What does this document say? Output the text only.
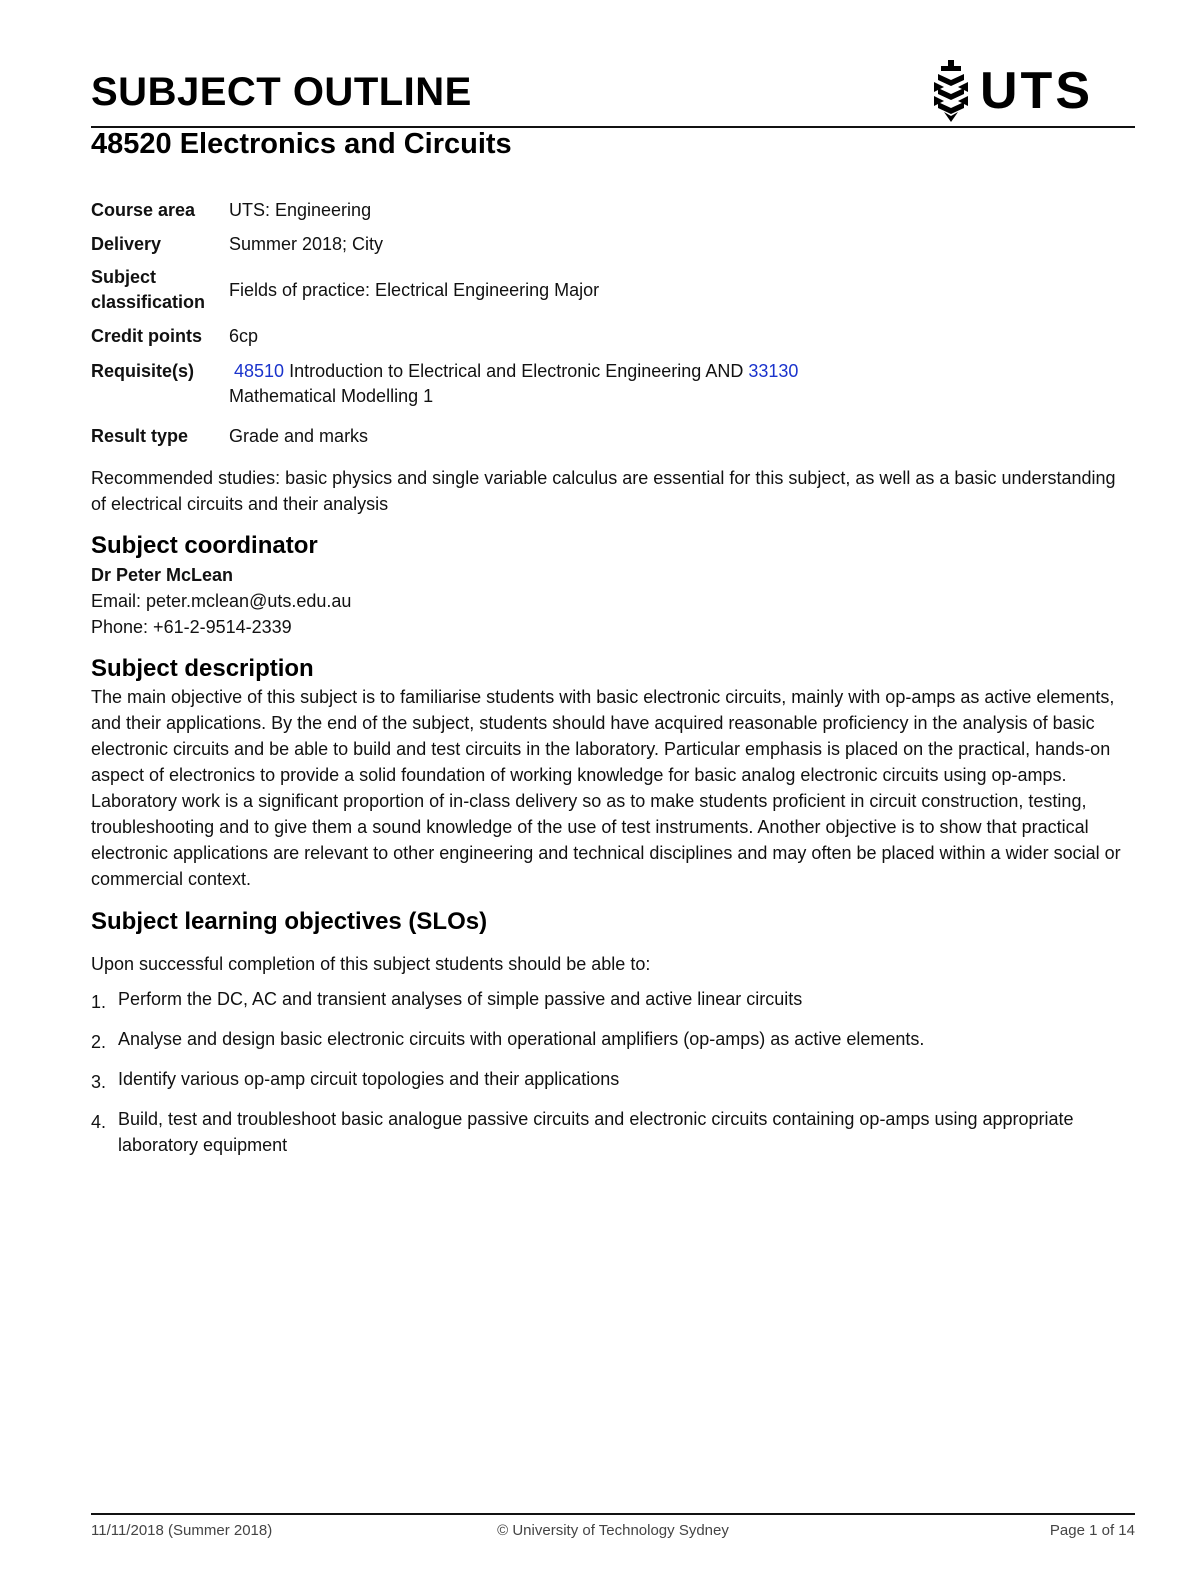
SUBJECT OUTLINE	UTS
48520 Electronics and Circuits
Course area	UTS: Engineering
Delivery	Summer 2018; City
Subject
classification	Fields of practice: Electrical Engineering Major
Credit points	6cp
Requisite(s)	48510 Introduction to Electrical and Electronic Engineering AND 33130
Mathematical Modelling 1
Result type	Grade and marks

Recommended studies: basic physics and single variable calculus are essential for this subject, as well as a basic understanding of electrical circuits and their analysis

Subject coordinator
Dr Peter McLean
Email: peter.mclean@uts.edu.au
Phone: +61-2-9514-2339
Subject description

The main objective of this subject is to familiarise students with basic electronic circuits, mainly with op-amps as active elements, and their applications. By the end of the subject, students should have acquired reasonable proficiency in the analysis of basic electronic circuits and be able to build and test circuits in the laboratory. Particular emphasis is placed on the practical, hands-on aspect of electronics to provide a solid foundation of working knowledge for basic analog electronic circuits using op-amps. Laboratory work is a significant proportion of in-class delivery so as to make students proficient in circuit construction, testing, troubleshooting and to give them a sound knowledge of the use of test instruments. Another objective is to show that practical electronic applications are relevant to other engineering and technical disciplines and may often be placed within a wider social or commercial context.

Subject learning objectives (SLOs)

Upon successful completion of this subject students should be able to:

1. Perform the DC, AC and transient analyses of simple passive and active linear circuits
2. Analyse and design basic electronic circuits with operational amplifiers (op-amps) as active elements.
3. Identify various op-amp circuit topologies and their applications
4. Build, test and troubleshoot basic analogue passive circuits and electronic circuits containing op-amps using appropriate laboratory equipment
11/11/2018 (Summer 2018)	© University of Technology Sydney	Page 1 of 14
